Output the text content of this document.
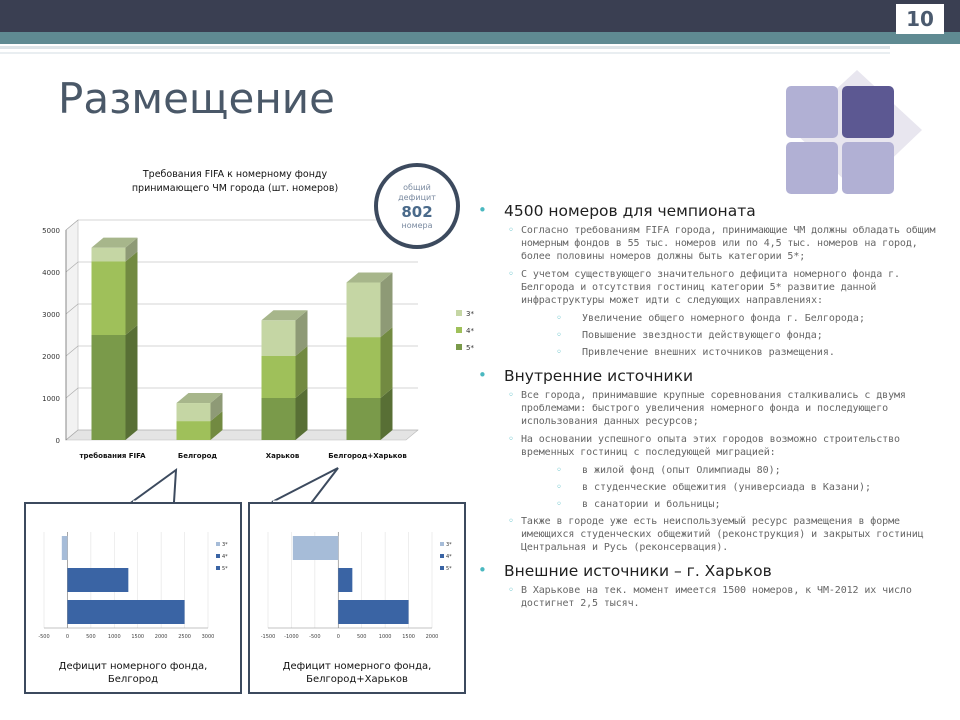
10
Размещение
Требования FIFA к номерному фонду
принимающего ЧМ города (шт. номеров)
0
1000
2000
3000
4000
5000
требования FIFA	Белгород	Харьков	Белгород+Харьков
3*
4*
5*
общий
дефицит
802
номера
-500	0	500 1000 1500 2000 2500 3000
3*
4*
5*
Дефицит номерного фонда,
Белгород
-1500 -1000 -500	0	500 1000 1500 2000
3*
4*
5*
Дефицит номерного фонда,
Белгород+Харьков
• 4500 номеров для чемпионата
◦ Согласно требованиям FIFA города, принимающие ЧМ должны обладать общим номерным фондов в 55 тыс. номеров или по 4,5 тыс. номеров на город, более половины номеров должны быть категории 5*;
◦ С учетом существующего значительного дефицита номерного фонда г. Белгорода и отсутствия гостиниц категории 5* развитие данной инфраструктуры может идти с следующих направлениях:
◦ Увеличение общего номерного фонда г. Белгорода;
◦ Повышение звездности действующего фонда;
◦ Привлечение внешних источников размещения.
• Внутренние источники
◦ Все города, принимавшие крупные соревнования сталкивались с двумя проблемами: быстрого увеличения номерного фонда и последующего использования данных ресурсов;
◦ На основании успешного опыта этих городов возможно строительство временных гостиниц с последующей миграцией:
◦ в жилой фонд (опыт Олимпиады 80);
◦ в студенческие общежития (универсиада в Казани);
◦ в санатории и больницы;
◦ Также в городе уже есть неиспользуемый ресурс размещения в форме имеющихся студенческих общежитий (реконструкция) и закрытых гостиниц Центральная и Русь (реконсервация).
• Внешние источники – г. Харьков
◦ В Харькове на тек. момент имеется 1500 номеров, к ЧМ-2012 их число достигнет 2,5 тысяч.
